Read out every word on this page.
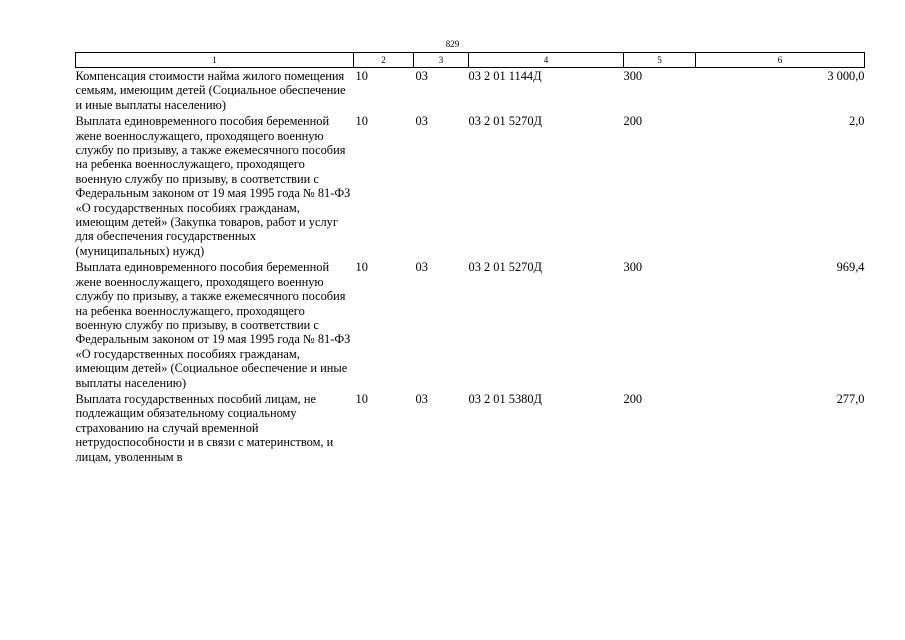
829
1	2	3	4	5	6
Компенсация стоимости найма жилого помещения семьям, имеющим детей (Социальное обеспечение и иные выплаты населению)	10	03	03 2 01 1144Д	300	3 000,0
Выплата единовременного пособия беременной жене военнослужащего, проходящего военную службу по призыву, а также ежемесячного пособия на ребенка военнослужащего, проходящего военную службу по призыву, в соответствии с Федеральным законом от 19 мая 1995 года № 81-ФЗ «О государственных пособиях гражданам, имеющим детей» (Закупка товаров, работ и услуг для обеспечения государственных (муниципальных) нужд)	10	03	03 2 01 5270Д	200	2,0
Выплата единовременного пособия беременной жене военнослужащего, проходящего военную службу по призыву, а также ежемесячного пособия на ребенка военнослужащего, проходящего военную службу по призыву, в соответствии с Федеральным законом от 19 мая 1995 года № 81-ФЗ «О государственных пособиях гражданам, имеющим детей» (Социальное обеспечение и иные выплаты населению)	10	03	03 2 01 5270Д	300	969,4
Выплата государственных пособий лицам, не подлежащим обязательному социальному страхованию на случай временной нетрудоспособности и в связи с материнством, и лицам, уволенным в	10	03	03 2 01 5380Д	200	277,0
